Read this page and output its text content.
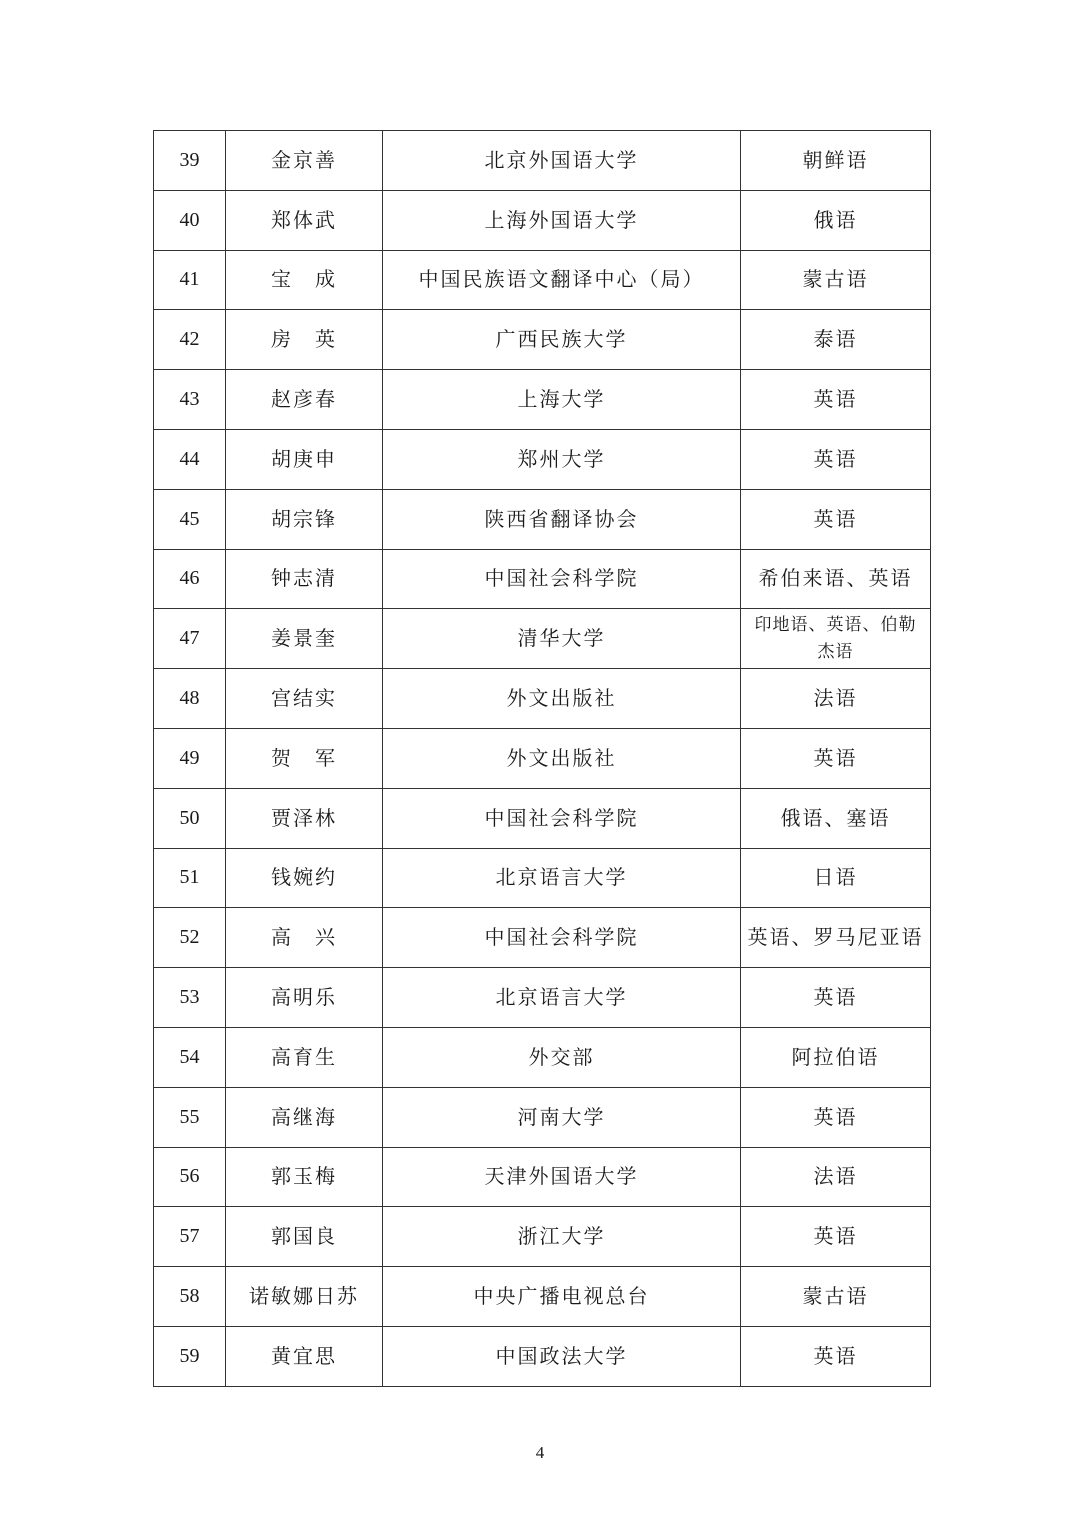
39	金京善	北京外国语大学	朝鲜语
40	郑体武	上海外国语大学	俄语
41	宝　成	中国民族语文翻译中心（局）	蒙古语
42	房　英	广西民族大学	泰语
43	赵彦春	上海大学	英语
44	胡庚申	郑州大学	英语
45	胡宗锋	陕西省翻译协会	英语
46	钟志清	中国社会科学院	希伯来语、英语
47	姜景奎	清华大学	印地语、英语、伯勒杰语
48	宫结实	外文出版社	法语
49	贺　军	外文出版社	英语
50	贾泽林	中国社会科学院	俄语、塞语
51	钱婉约	北京语言大学	日语
52	高　兴	中国社会科学院	英语、罗马尼亚语
53	高明乐	北京语言大学	英语
54	高育生	外交部	阿拉伯语
55	高继海	河南大学	英语
56	郭玉梅	天津外国语大学	法语
57	郭国良	浙江大学	英语
58	诺敏娜日苏	中央广播电视总台	蒙古语
59	黄宜思	中国政法大学	英语
4
